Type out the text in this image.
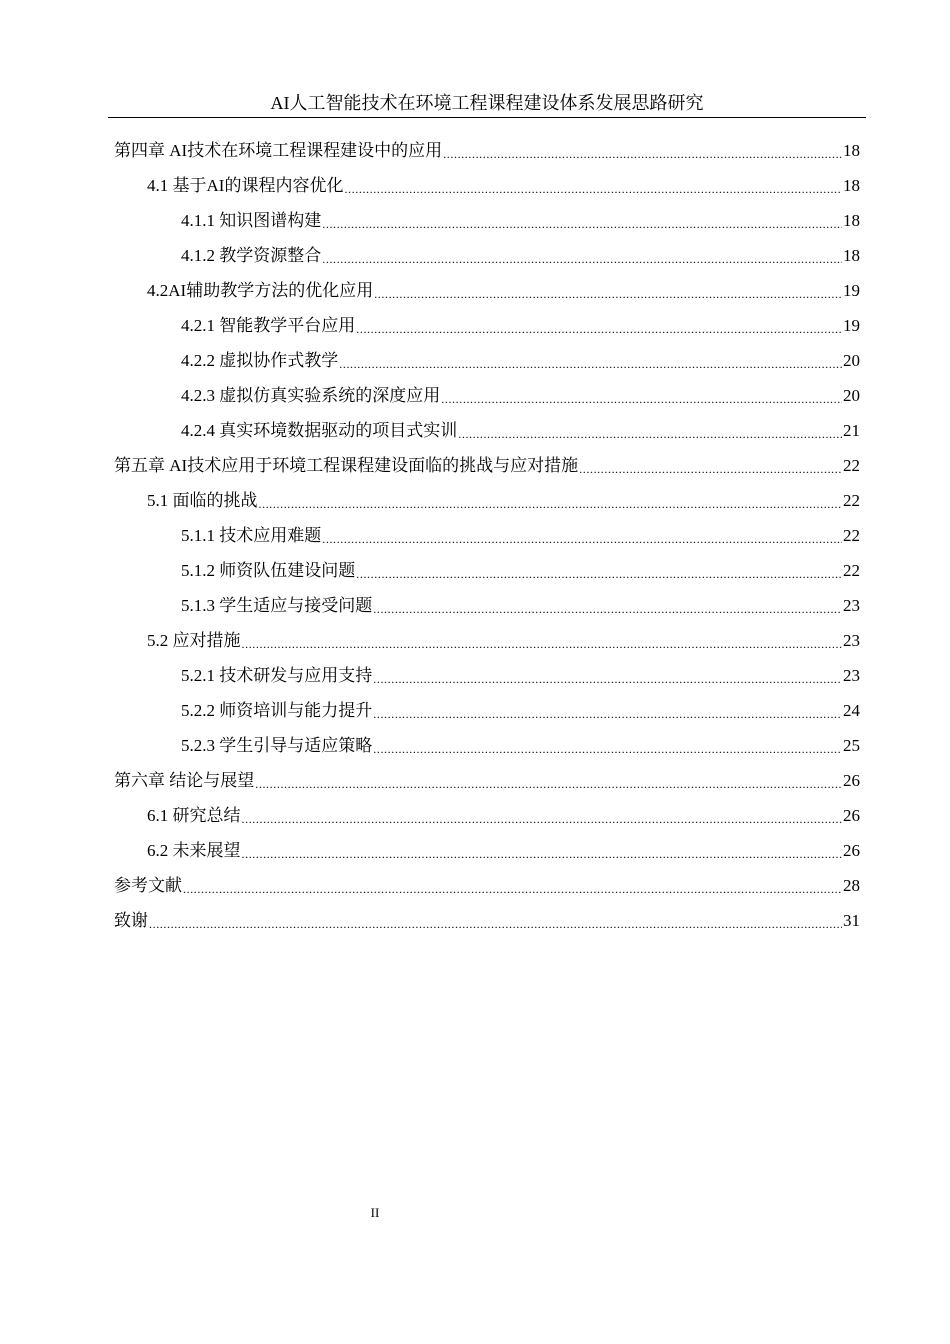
AI人工智能技术在环境工程课程建设体系发展思路研究
第四章 AI技术在环境工程课程建设中的应用 .....	18
4.1 基于AI的课程内容优化 .....	18
4.1.1 知识图谱构建 .....	18
4.1.2 教学资源整合 .....	18
4.2AI辅助教学方法的优化应用 .....	19
4.2.1 智能教学平台应用 .....	19
4.2.2 虚拟协作式教学 .....	20
4.2.3 虚拟仿真实验系统的深度应用 .....	20
4.2.4 真实环境数据驱动的项目式实训 .....	21
第五章 AI技术应用于环境工程课程建设面临的挑战与应对措施 .....	22
5.1 面临的挑战 .....	22
5.1.1 技术应用难题 .....	22
5.1.2 师资队伍建设问题 .....	22
5.1.3 学生适应与接受问题 .....	23
5.2 应对措施 .....	23
5.2.1 技术研发与应用支持 .....	23
5.2.2 师资培训与能力提升 .....	24
5.2.3 学生引导与适应策略 .....	25
第六章 结论与展望 .....	26
6.1 研究总结 .....	26
6.2 未来展望 .....	26
参考文献 .....	28
致谢 .....	31
II
